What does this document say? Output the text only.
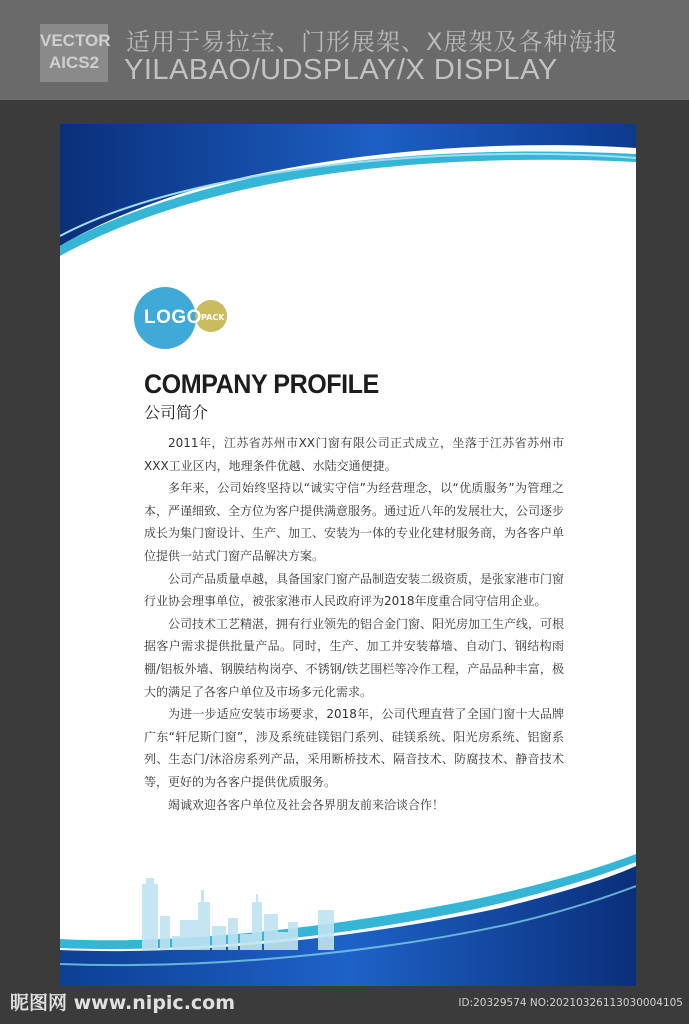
VECTOR
AICS2
适用于易拉宝、门形展架、X展架及各种海报
YILABAO/UDSPLAY/X DISPLAY
LOGO PACK
COMPANY PROFILE
公司简介

2011年，江苏省苏州市XX门窗有限公司正式成立，坐落于江苏省苏州市XXX工业区内，地理条件优越、水陆交通便捷。

多年来，公司始终坚持以“诚实守信”为经营理念，以“优质服务”为管理之本，严谨细致、全方位为客户提供满意服务。通过近八年的发展壮大，公司逐步成长为集门窗设计、生产、加工、安装为一体的专业化建材服务商，为各客户单位提供一站式门窗产品解决方案。

公司产品质量卓越，具备国家门窗产品制造安装二级资质，是张家港市门窗行业协会理事单位，被张家港市人民政府评为2018年度重合同守信用企业。

公司技术工艺精湛，拥有行业领先的铝合金门窗、阳光房加工生产线，可根据客户需求提供批量产品。同时，生产、加工并安装幕墙、自动门、钢结构雨棚/铝板外墙、钢膜结构岗亭、不锈钢/铁艺围栏等冷作工程，产品品种丰富，极大的满足了各客户单位及市场多元化需求。

为进一步适应安装市场要求，2018年，公司代理直营了全国门窗十大品牌广东“轩尼斯门窗”，涉及系统硅镁铝门系列、硅镁系统、阳光房系统、铝窗系列、生态门/沐浴房系列产品，采用断桥技术、隔音技术、防腐技术、静音技术等，更好的为各客户提供优质服务。

竭诚欢迎各客户单位及社会各界朋友前来洽谈合作！

昵图网 www.nipic.com	ID:20329574 NO:20210326113030004105
